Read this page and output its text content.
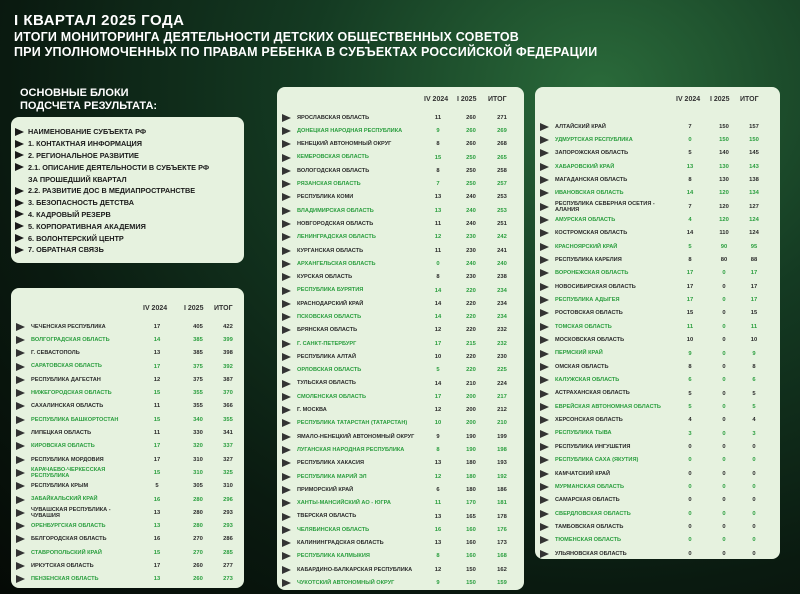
I КВАРТАЛ 2025 ГОДА
ИТОГИ МОНИТОРИНГА ДЕЯТЕЛЬНОСТИ ДЕТСКИХ ОБЩЕСТВЕННЫХ СОВЕТОВ
ПРИ УПОЛНОМОЧЕННЫХ ПО ПРАВАМ РЕБЕНКА В СУБЪЕКТАХ РОССИЙСКОЙ ФЕДЕРАЦИИ
ОСНОВНЫЕ БЛОКИ
ПОДСЧЕТА РЕЗУЛЬТАТА:
НАИМЕНОВАНИЕ СУБЪЕКТА РФ
1. КОНТАКТНАЯ ИНФОРМАЦИЯ
2. РЕГИОНАЛЬНОЕ РАЗВИТИЕ
2.1. ОПИСАНИЕ ДЕЯТЕЛЬНОСТИ В СУБЪЕКТЕ РФ
ЗА ПРОШЕДШИЙ КВАРТАЛ
2.2. РАЗВИТИЕ ДОС В МЕДИАПРОСТРАНСТВЕ
3. БЕЗОПАСНОСТЬ ДЕТСТВА
4. КАДРОВЫЙ РЕЗЕРВ
5. КОРПОРАТИВНАЯ АКАДЕМИЯ
6. ВОЛОНТЕРСКИЙ ЦЕНТР
7. ОБРАТНАЯ СВЯЗЬ
IV 2024 I 2025 ИТОГ
ЧЕЧЕНСКАЯ РЕСПУБЛИКА	17	405	422
ВОЛГОГРАДСКАЯ ОБЛАСТЬ	14	385	399
Г. СЕВАСТОПОЛЬ	13	385	398
САРАТОВСКАЯ ОБЛАСТЬ	17	375	392
РЕСПУБЛИКА ДАГЕСТАН	12	375	387
НИЖЕГОРОДСКАЯ ОБЛАСТЬ	15	355	370
САХАЛИНСКАЯ ОБЛАСТЬ	11	355	366
РЕСПУБЛИКА БАШКОРТОСТАН	15	340	355
ЛИПЕЦКАЯ ОБЛАСТЬ	11	330	341
КИРОВСКАЯ ОБЛАСТЬ	17	320	337
РЕСПУБЛИКА МОРДОВИЯ	17	310	327
КАРАЧАЕВО-ЧЕРКЕССКАЯ РЕСПУБЛИКА	15	310	325
РЕСПУБЛИКА КРЫМ	5	305	310
ЗАБАЙКАЛЬСКИЙ КРАЙ	16	280	296
ЧУВАШСКАЯ РЕСПУБЛИКА - ЧУВАШИЯ	13	280	293
ОРЕНБУРГСКАЯ ОБЛАСТЬ	13	280	293
БЕЛГОРОДСКАЯ ОБЛАСТЬ	16	270	286
СТАВРОПОЛЬСКИЙ КРАЙ	15	270	285
ИРКУТСКАЯ ОБЛАСТЬ	17	260	277
ПЕНЗЕНСКАЯ ОБЛАСТЬ	13	260	273
IV 2024 I 2025 ИТОГ
ЯРОСЛАВСКАЯ ОБЛАСТЬ	11	260	271
ДОНЕЦКАЯ НАРОДНАЯ РЕСПУБЛИКА	9	260	269
НЕНЕЦКИЙ АВТОНОМНЫЙ ОКРУГ	8	260	268
КЕМЕРОВСКАЯ ОБЛАСТЬ	15	250	265
ВОЛОГОДСКАЯ ОБЛАСТЬ	8	250	258
РЯЗАНСКАЯ ОБЛАСТЬ	7	250	257
РЕСПУБЛИКА КОМИ	13	240	253
ВЛАДИМИРСКАЯ ОБЛАСТЬ	13	240	253
НОВГОРОДСКАЯ ОБЛАСТЬ	11	240	251
ЛЕНИНГРАДСКАЯ ОБЛАСТЬ	12	230	242
КУРГАНСКАЯ ОБЛАСТЬ	11	230	241
АРХАНГЕЛЬСКАЯ ОБЛАСТЬ	0	240	240
КУРСКАЯ ОБЛАСТЬ	8	230	238
РЕСПУБЛИКА БУРЯТИЯ	14	220	234
КРАСНОДАРСКИЙ КРАЙ	14	220	234
ПСКОВСКАЯ ОБЛАСТЬ	14	220	234
БРЯНСКАЯ ОБЛАСТЬ	12	220	232
Г. САНКТ-ПЕТЕРБУРГ	17	215	232
РЕСПУБЛИКА АЛТАЙ	10	220	230
ОРЛОВСКАЯ ОБЛАСТЬ	5	220	225
ТУЛЬСКАЯ ОБЛАСТЬ	14	210	224
СМОЛЕНСКАЯ ОБЛАСТЬ	17	200	217
Г. МОСКВА	12	200	212
РЕСПУБЛИКА ТАТАРСТАН (ТАТАРСТАН)	10	200	210
ЯМАЛО-НЕНЕЦКИЙ АВТОНОМНЫЙ ОКРУГ	9	190	199
ЛУГАНСКАЯ НАРОДНАЯ РЕСПУБЛИКА	8	190	198
РЕСПУБЛИКА ХАКАСИЯ	13	180	193
РЕСПУБЛИКА МАРИЙ ЭЛ	12	180	192
ПРИМОРСКИЙ КРАЙ	6	180	186
ХАНТЫ-МАНСИЙСКИЙ АО - ЮГРА	11	170	181
ТВЕРСКАЯ ОБЛАСТЬ	13	165	178
ЧЕЛЯБИНСКАЯ ОБЛАСТЬ	16	160	176
КАЛИНИНГРАДСКАЯ ОБЛАСТЬ	13	160	173
РЕСПУБЛИКА КАЛМЫКИЯ	8	160	168
КАБАРДИНО-БАЛКАРСКАЯ РЕСПУБЛИКА	12	150	162
ЧУКОТСКИЙ АВТОНОМНЫЙ ОКРУГ	9	150	159
IV 2024 I 2025 ИТОГ
АЛТАЙСКИЙ КРАЙ	7	150	157
УДМУРТСКАЯ РЕСПУБЛИКА	0	150	150
ЗАПОРОЖСКАЯ ОБЛАСТЬ	5	140	145
ХАБАРОВСКИЙ КРАЙ	13	130	143
МАГАДАНСКАЯ ОБЛАСТЬ	8	130	138
ИВАНОВСКАЯ ОБЛАСТЬ	14	120	134
РЕСПУБЛИКА СЕВЕРНАЯ ОСЕТИЯ - АЛАНИЯ	7	120	127
АМУРСКАЯ ОБЛАСТЬ	4	120	124
КОСТРОМСКАЯ ОБЛАСТЬ	14	110	124
КРАСНОЯРСКИЙ КРАЙ	5	90	95
РЕСПУБЛИКА КАРЕЛИЯ	8	80	88
ВОРОНЕЖСКАЯ ОБЛАСТЬ	17	0	17
НОВОСИБИРСКАЯ ОБЛАСТЬ	17	0	17
РЕСПУБЛИКА АДЫГЕЯ	17	0	17
РОСТОВСКАЯ ОБЛАСТЬ	15	0	15
ТОМСКАЯ ОБЛАСТЬ	11	0	11
МОСКОВСКАЯ ОБЛАСТЬ	10	0	10
ПЕРМСКИЙ КРАЙ	9	0	9
ОМСКАЯ ОБЛАСТЬ	8	0	8
КАЛУЖСКАЯ ОБЛАСТЬ	6	0	6
АСТРАХАНСКАЯ ОБЛАСТЬ	5	0	5
ЕВРЕЙСКАЯ АВТОНОМНАЯ ОБЛАСТЬ	5	0	5
ХЕРСОНСКАЯ ОБЛАСТЬ	4	0	4
РЕСПУБЛИКА ТЫВА	3	0	3
РЕСПУБЛИКА ИНГУШЕТИЯ	0	0	0
РЕСПУБЛИКА САХА (ЯКУТИЯ)	0	0	0
КАМЧАТСКИЙ КРАЙ	0	0	0
МУРМАНСКАЯ ОБЛАСТЬ	0	0	0
САМАРСКАЯ ОБЛАСТЬ	0	0	0
СВЕРДЛОВСКАЯ ОБЛАСТЬ	0	0	0
ТАМБОВСКАЯ ОБЛАСТЬ	0	0	0
ТЮМЕНСКАЯ ОБЛАСТЬ	0	0	0
УЛЬЯНОВСКАЯ ОБЛАСТЬ	0	0	0
